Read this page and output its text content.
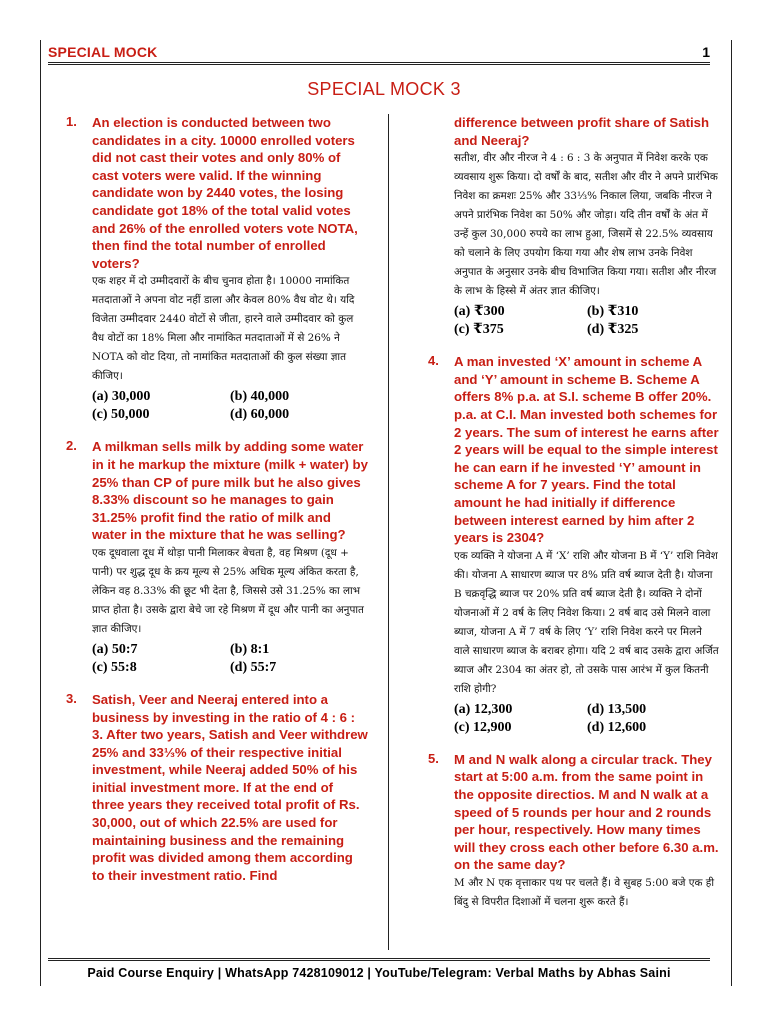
SPECIAL MOCK	1
SPECIAL MOCK 3
1. An election is conducted between two candidates in a city. 10000 enrolled voters did not cast their votes and only 80% of cast voters were valid. If the winning candidate won by 2440 votes, the losing candidate got 18% of the total valid votes and 26% of the enrolled voters vote NOTA, then find the total number of enrolled voters?
एक शहर में दो उम्मीदवारों के बीच चुनाव होता है। 10000 नामांकित मतदाताओं ने अपना वोट नहीं डाला और केवल 80% वैध वोट थे। यदि विजेता उम्मीदवार 2440 वोटों से जीता, हारने वाले उम्मीदवार को कुल वैध वोटों का 18% मिला और नामांकित मतदाताओं में से 26% ने NOTA को वोट दिया, तो नामांकित मतदाताओं की कुल संख्या ज्ञात कीजिए।
(a) 30,000	(b) 40,000
(c) 50,000	(d) 60,000
2. A milkman sells milk by adding some water in it he markup the mixture (milk + water) by 25% than CP of pure milk but he also gives 8.33% discount so he manages to gain 31.25% profit find the ratio of milk and water in the mixture that he was selling?
एक दूधवाला दूध में थोड़ा पानी मिलाकर बेचता है, वह मिश्रण (दूध + पानी) पर शुद्ध दूध के क्रय मूल्य से 25% अधिक मूल्य अंकित करता है, लेकिन वह 8.33% की छूट भी देता है, जिससे उसे 31.25% का लाभ प्राप्त होता है। उसके द्वारा बेचे जा रहे मिश्रण में दूध और पानी का अनुपात ज्ञात कीजिए।
(a) 50:7	(b) 8:1
(c) 55:8	(d) 55:7
3. Satish, Veer and Neeraj entered into a business by investing in the ratio of 4 : 6 : 3. After two years, Satish and Veer withdrew 25% and 33⅓% of their respective initial investment, while Neeraj added 50% of his initial investment more. If at the end of three years they received total profit of Rs. 30,000, out of which 22.5% are used for maintaining business and the remaining profit was divided among them according to their investment ratio. Find
difference between profit share of Satish and Neeraj?
सतीश, वीर और नीरज ने 4 : 6 : 3 के अनुपात में निवेश करके एक व्यवसाय शुरू किया। दो वर्षों के बाद, सतीश और वीर ने अपने प्रारंभिक निवेश का क्रमशः 25% और 33⅓% निकाल लिया, जबकि नीरज ने अपने प्रारंभिक निवेश का 50% और जोड़ा। यदि तीन वर्षों के अंत में उन्हें कुल 30,000 रुपये का लाभ हुआ, जिसमें से 22.5% व्यवसाय को चलाने के लिए उपयोग किया गया और शेष लाभ उनके निवेश अनुपात के अनुसार उनके बीच विभाजित किया गया। सतीश और नीरज के लाभ के हिस्से में अंतर ज्ञात कीजिए।
(a) ₹300	(b) ₹310
(c) ₹375	(d) ₹325
4. A man invested ‘X’ amount in scheme A and ‘Y’ amount in scheme B. Scheme A offers 8% p.a. at S.I. scheme B offer 20%. p.a. at C.I. Man invested both schemes for 2 years. The sum of interest he earns after 2 years will be equal to the simple interest he can earn if he invested ‘Y’ amount in scheme A for 7 years. Find the total amount he had initially if difference between interest earned by him after 2 years is 2304?
एक व्यक्ति ने योजना A में ‘X’ राशि और योजना B में ‘Y’ राशि निवेश की। योजना A साधारण ब्याज पर 8% प्रति वर्ष ब्याज देती है। योजना B चक्रवृद्धि ब्याज पर 20% प्रति वर्ष ब्याज देती है। व्यक्ति ने दोनों योजनाओं में 2 वर्ष के लिए निवेश किया। 2 वर्ष बाद उसे मिलने वाला ब्याज, योजना A में 7 वर्ष के लिए ‘Y’ राशि निवेश करने पर मिलने वाले साधारण ब्याज के बराबर होगा। यदि 2 वर्ष बाद उसके द्वारा अर्जित ब्याज और 2304 का अंतर हो, तो उसके पास आरंभ में कुल कितनी राशि होगी?
(a) 12,300	(d) 13,500
(c) 12,900	(d) 12,600
5. M and N walk along a circular track. They start at 5:00 a.m. from the same point in the opposite directios. M and N walk at a speed of 5 rounds per hour and 2 rounds per hour, respectively. How many times will they cross each other before 6.30 a.m. on the same day?
M और N एक वृत्ताकार पथ पर चलते हैं। वे सुबह 5:00 बजे एक ही बिंदु से विपरीत दिशाओं में चलना शुरू करते हैं।
Paid Course Enquiry | WhatsApp 7428109012 | YouTube/Telegram: Verbal Maths by Abhas Saini
